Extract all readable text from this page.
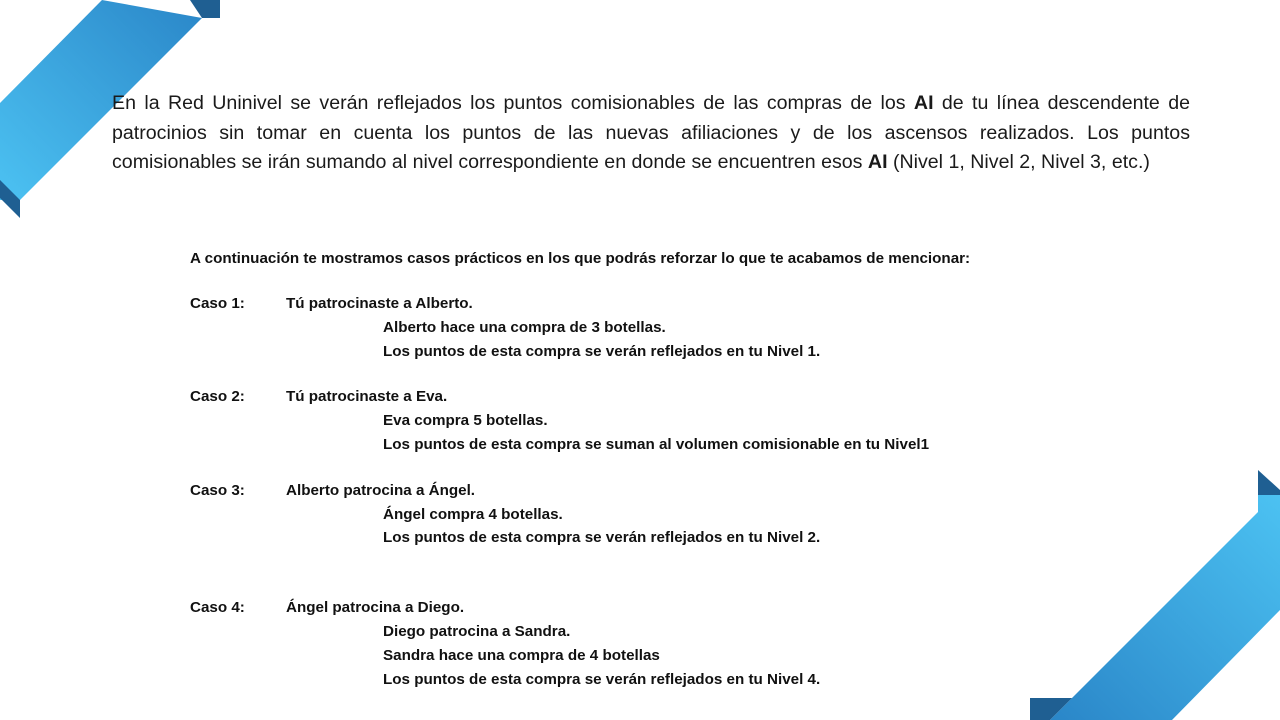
En la Red Uninivel se verán reflejados los puntos comisionables de las compras de los AI de tu línea descendente de patrocinios sin tomar en cuenta los puntos de las nuevas afiliaciones y de los ascensos realizados. Los puntos comisionables se irán sumando al nivel correspondiente en donde se encuentren esos AI (Nivel 1, Nivel 2, Nivel 3, etc.)

A continuación te mostramos casos prácticos en los que podrás reforzar lo que te acabamos de mencionar:
Caso 1:	Tú patrocinaste a Alberto.
Alberto hace una compra de 3 botellas.
Los puntos de esta compra se verán reflejados en tu Nivel 1.
Caso 2:	Tú patrocinaste a Eva.
Eva compra 5 botellas.
Los puntos de esta compra se suman al volumen comisionable en tu Nivel1
Caso 3:	Alberto patrocina a Ángel.
Ángel compra 4 botellas.
Los puntos de esta compra se verán reflejados en tu Nivel 2.
Caso 4:	Ángel patrocina a Diego.
Diego patrocina a Sandra.
Sandra hace una compra de 4 botellas
Los puntos de esta compra se verán reflejados en tu Nivel 4.
